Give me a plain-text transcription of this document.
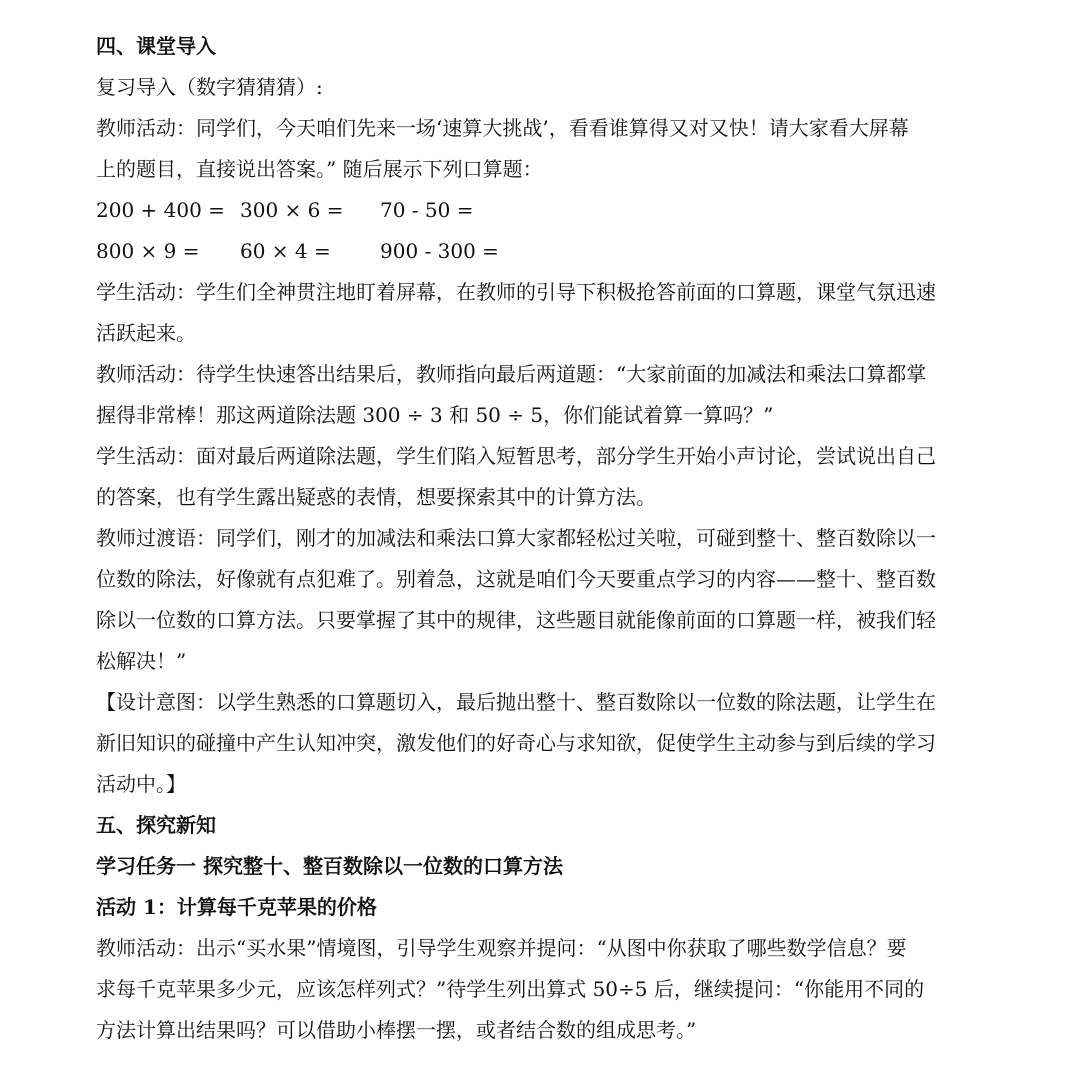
四、课堂导入
复习导入（数字猜猜猜）:
教师活动：同学们，今天咱们先来一场‘速算大挑战’，看看谁算得又对又快！请大家看大屏幕
上的题目，直接说出答案。” 随后展示下列口算题：
200 + 400 = 300 × 6 = 70 - 50 =
800 × 9 = 60 × 4 = 900 - 300 =
学生活动：学生们全神贯注地盯着屏幕，在教师的引导下积极抢答前面的口算题，课堂气氛迅速
活跃起来。
教师活动：待学生快速答出结果后，教师指向最后两道题：“大家前面的加减法和乘法口算都掌
握得非常棒！那这两道除法题 300 ÷ 3 和 50 ÷ 5，你们能试着算一算吗？”
学生活动：面对最后两道除法题，学生们陷入短暂思考，部分学生开始小声讨论，尝试说出自己
的答案，也有学生露出疑惑的表情，想要探索其中的计算方法。
教师过渡语：同学们，刚才的加减法和乘法口算大家都轻松过关啦，可碰到整十、整百数除以一
位数的除法，好像就有点犯难了。别着急，这就是咱们今天要重点学习的内容——整十、整百数
除以一位数的口算方法。只要掌握了其中的规律，这些题目就能像前面的口算题一样，被我们轻
松解决！”
【设计意图：以学生熟悉的口算题切入，最后抛出整十、整百数除以一位数的除法题，让学生在
新旧知识的碰撞中产生认知冲突，激发他们的好奇心与求知欲，促使学生主动参与到后续的学习
活动中。】
五、探究新知
学习任务一 探究整十、整百数除以一位数的口算方法
活动 1：计算每千克苹果的价格
教师活动：出示“买水果”情境图，引导学生观察并提问：“从图中你获取了哪些数学信息？要
求每千克苹果多少元，应该怎样列式？”待学生列出算式 50÷5 后，继续提问：“你能用不同的
方法计算出结果吗？可以借助小棒摆一摆，或者结合数的组成思考。”
